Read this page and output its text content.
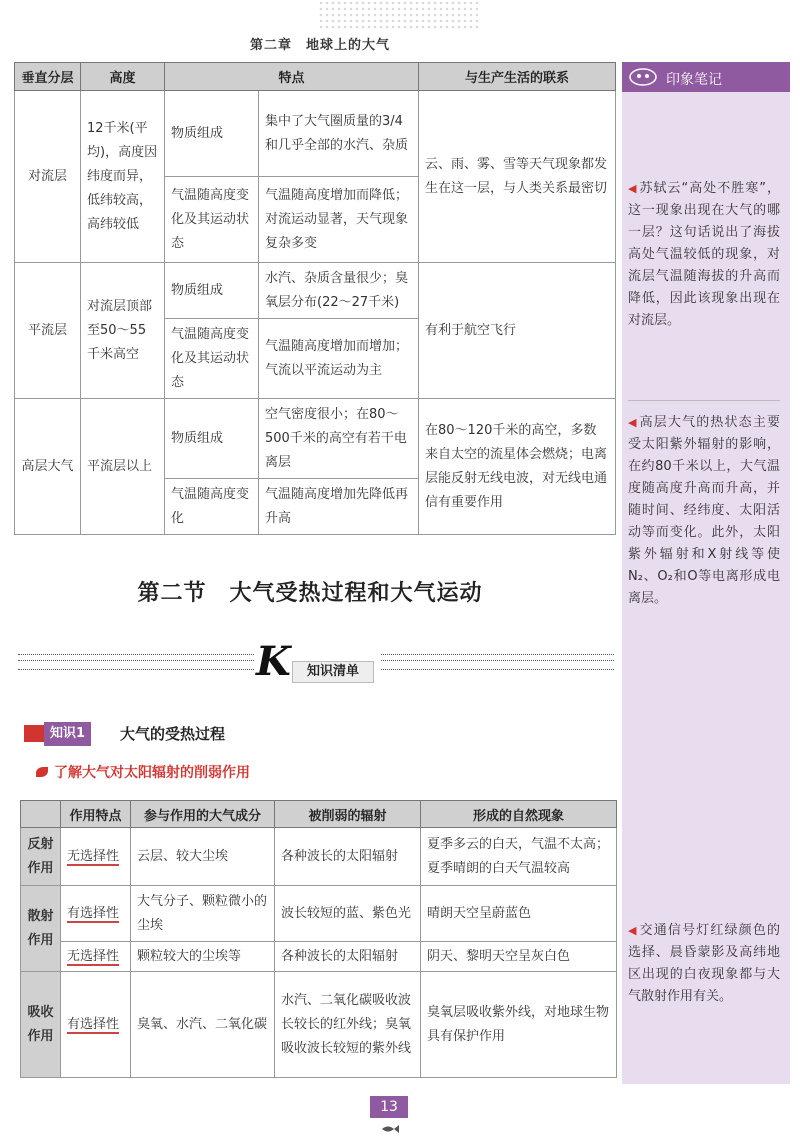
第二章　地球上的大气
印象笔记
◀ 苏轼云“高处不胜寒”，这一现象出现在大气的哪一层？这句话说出了海拔高处气温较低的现象，对流层气温随海拔的升高而降低，因此该现象出现在对流层。
◀ 高层大气的热状态主要受太阳紫外辐射的影响，在约80千米以上，大气温度随高度升高而升高，并随时间、经纬度、太阳活动等而变化。此外，太阳紫外辐射和X射线等使N₂、O₂和O等电离形成电离层。
◀ 交通信号灯红绿颜色的选择、晨昏蒙影及高纬地区出现的白夜现象都与大气散射作用有关。
垂直分层	高度	特点		与生产生活的联系
对流层	12千米(平均)，高度因纬度而异，低纬较高，高纬较低	物质组成	集中了大气圈质量的3/4和几乎全部的水汽、杂质	云、雨、雾、雪等天气现象都发生在这一层，与人类关系最密切
		气温随高度变化及其运动状态	气温随高度增加而降低；对流运动显著，天气现象复杂多变	
平流层	对流层顶部至50～55千米高空	物质组成	水汽、杂质含量很少；臭氧层分布(22～27千米)	有利于航空飞行
		气温随高度变化及其运动状态	气温随高度增加而增加；气流以平流运动为主	
高层大气	平流层以上	物质组成	空气密度很小；在80～500千米的高空有若干电离层	在80～120千米的高空，多数来自太空的流星体会燃烧；电离层能反射无线电波，对无线电通信有重要作用
		气温随高度变化	气温随高度增加先降低再升高	
第二节　大气受热过程和大气运动
K	知识清单
知识1	大气的受热过程
了解大气对太阳辐射的削弱作用
	作用特点	参与作用的大气成分	被削弱的辐射	形成的自然现象
反射作用	无选择性	云层、较大尘埃	各种波长的太阳辐射	夏季多云的白天，气温不太高；夏季晴朗的白天气温较高
散射作用	有选择性	大气分子、颗粒微小的尘埃	波长较短的蓝、紫色光	晴朗天空呈蔚蓝色
	无选择性	颗粒较大的尘埃等	各种波长的太阳辐射	阴天、黎明天空呈灰白色
吸收作用	有选择性	臭氧、水汽、二氧化碳	水汽、二氧化碳吸收波长较长的红外线；臭氧吸收波长较短的紫外线	臭氧层吸收紫外线，对地球生物具有保护作用
13
